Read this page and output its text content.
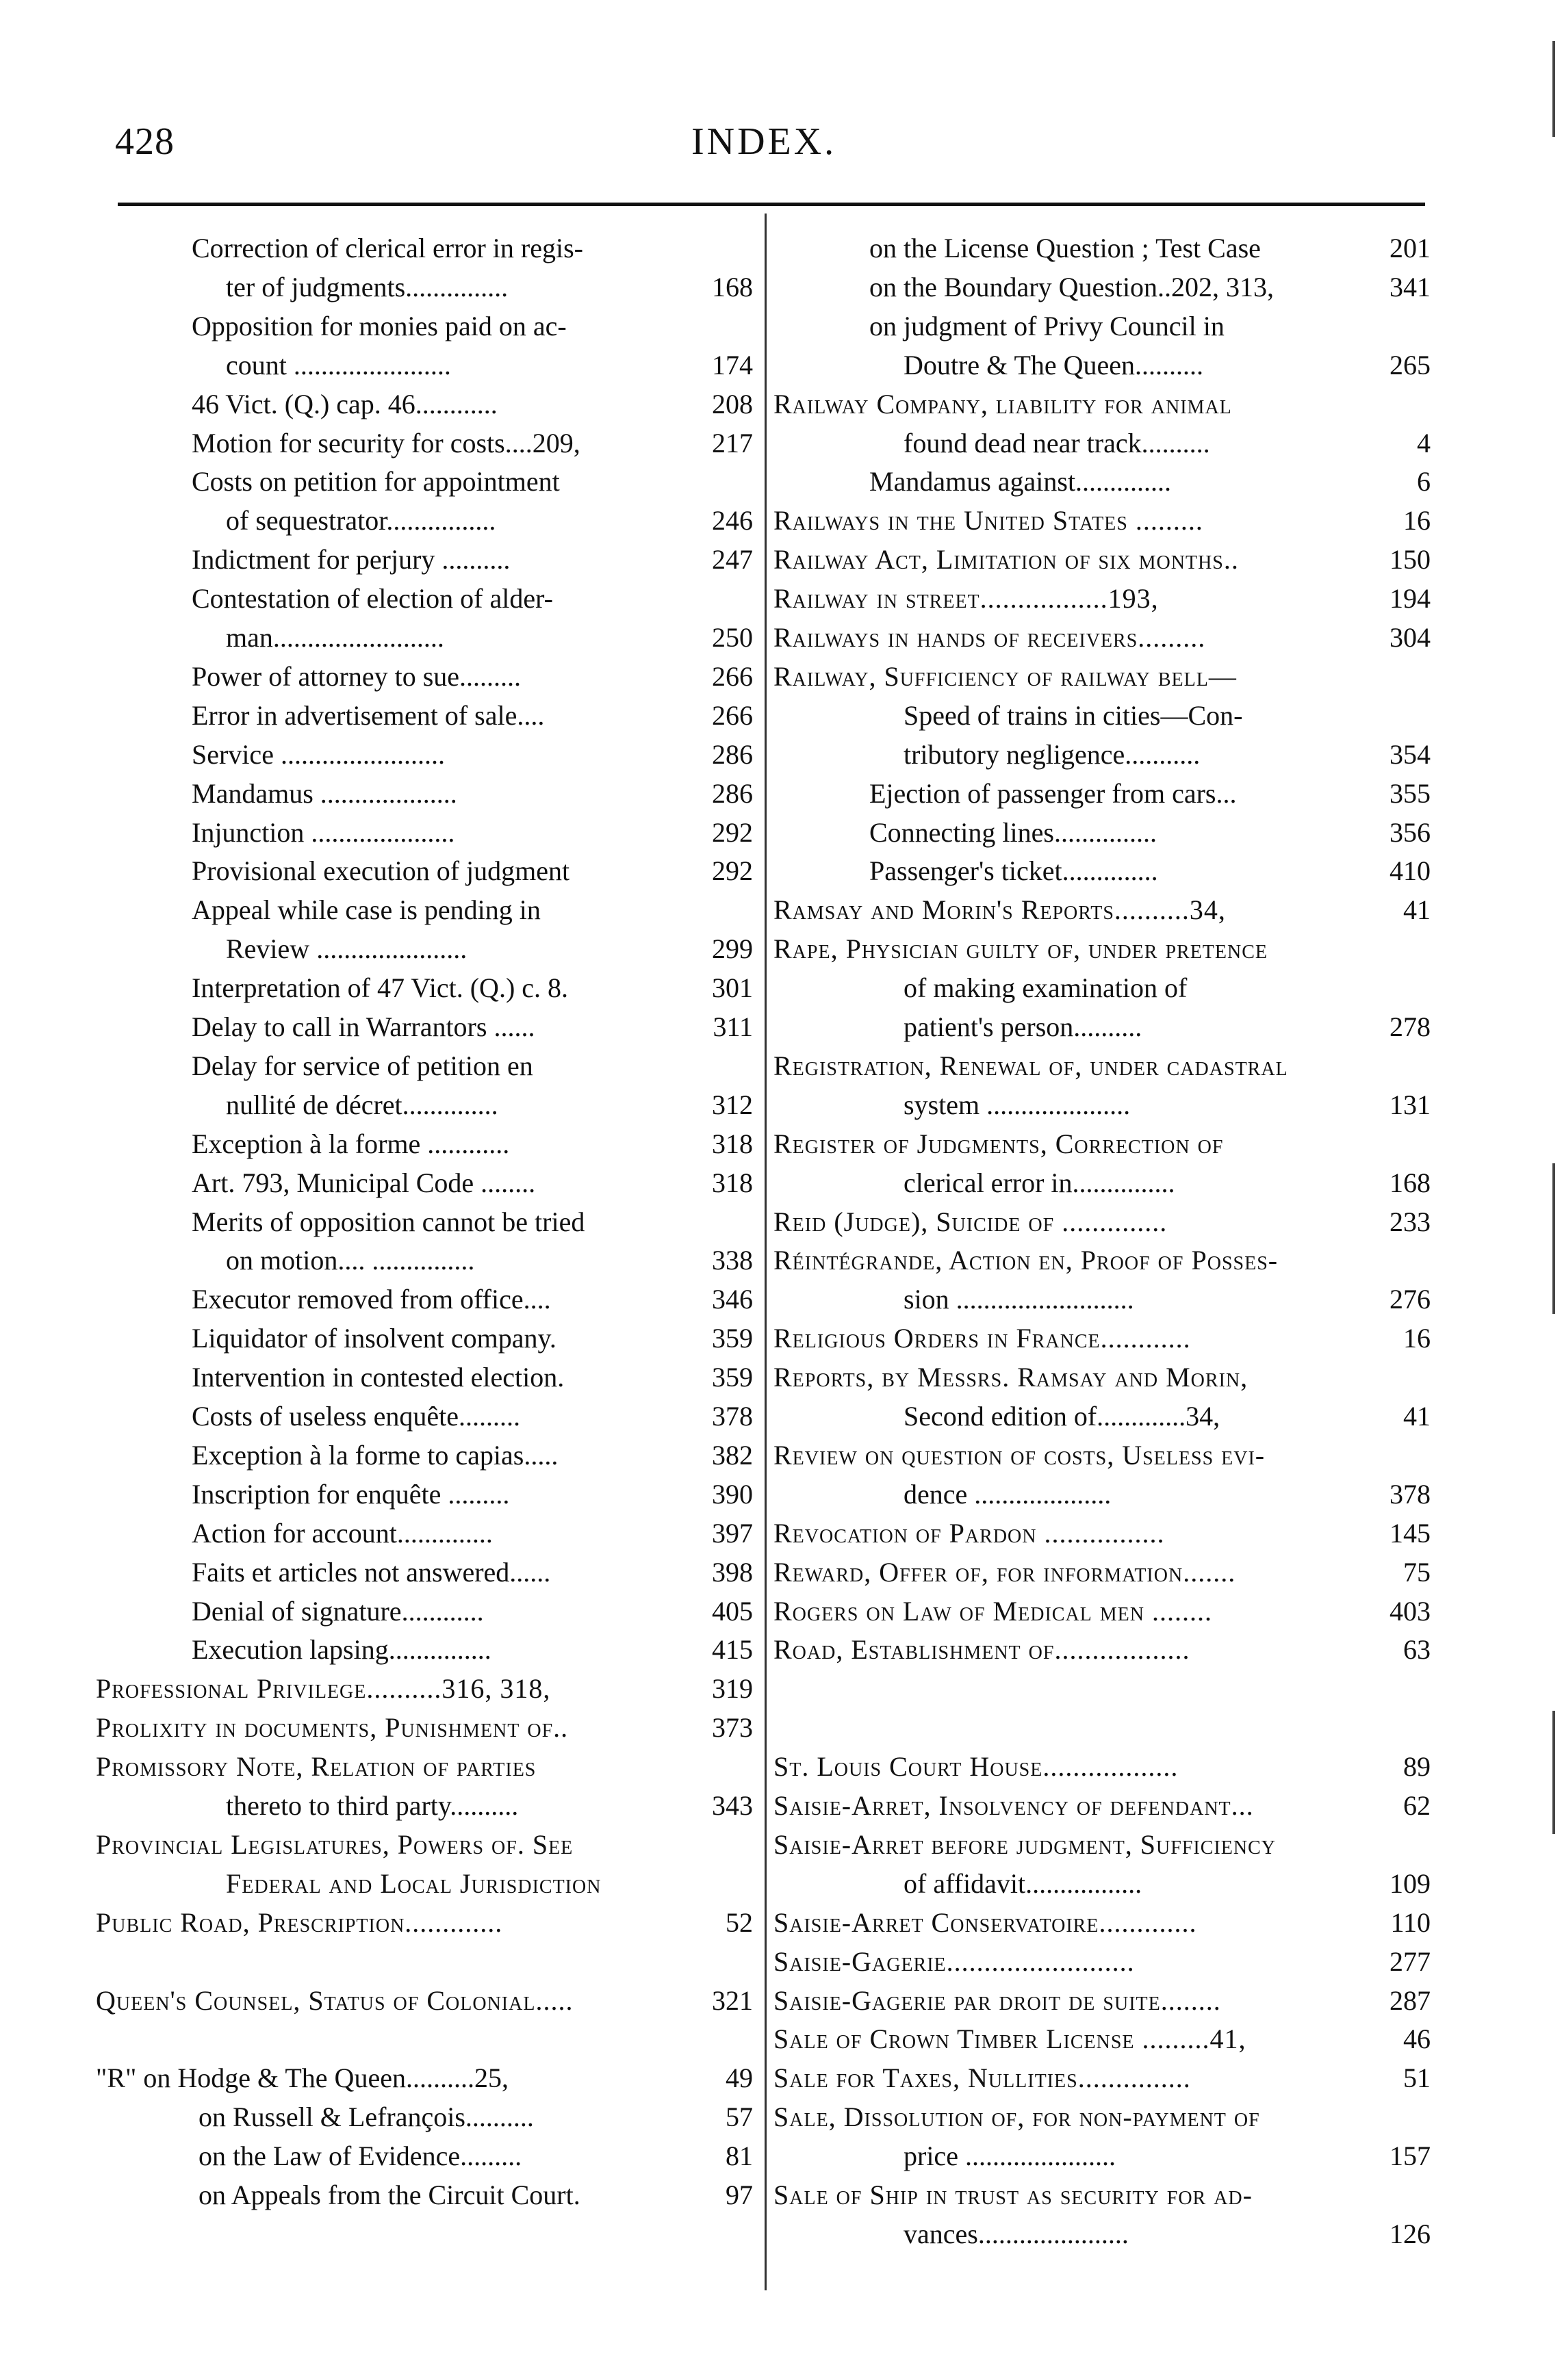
428	INDEX.
Correction of clerical error in regis-
ter of judgments...............	168
Opposition for monies paid on ac-
count .......................	174
46 Vict. (Q.) cap. 46............	208
Motion for security for costs....209,	217
Costs on petition for appointment
of sequestrator................	246
Indictment for perjury ..........	247
Contestation of election of alder-
man.........................	250
Power of attorney to sue.........	266
Error in advertisement of sale....	266
Service ........................	286
Mandamus ....................	286
Injunction .....................	292
Provisional execution of judgment	292
Appeal while case is pending in
Review ......................	299
Interpretation of 47 Vict. (Q.) c. 8.	301
Delay to call in Warrantors ......	311
Delay for service of petition en
nullité de décret..............	312
Exception à la forme ............	318
Art. 793, Municipal Code ........	318
Merits of opposition cannot be tried
on motion.... ...............	338
Executor removed from office....	346
Liquidator of insolvent company.	359
Intervention in contested election.	359
Costs of useless enquête.........	378
Exception à la forme to capias.....	382
Inscription for enquête .........	390
Action for account..............	397
Faits et articles not answered......	398
Denial of signature............	405
Execution lapsing...............	415
Professional Privilege..........316, 318,	319
Prolixity in documents, Punishment of..	373
Promissory Note, Relation of parties
thereto to third party..........	343
Provincial Legislatures, Powers of. See
Federal and Local Jurisdiction
Public Road, Prescription.............	52
Queen's Counsel, Status of Colonial.....	321
"R" on Hodge & The Queen..........25,	49
on Russell & Lefrançois..........	57
on the Law of Evidence.........	81
on Appeals from the Circuit Court.	97
on the License Question ; Test Case	201
on the Boundary Question..202, 313,	341
on judgment of Privy Council in
Doutre & The Queen..........	265
Railway Company, liability for animal
found dead near track..........	4
Mandamus against..............	6
Railways in the United States .........	16
Railway Act, Limitation of six months..	150
Railway in street.................193,	194
Railways in hands of receivers.........	304
Railway, Sufficiency of railway bell—
Speed of trains in cities—Con-
tributory negligence...........	354
Ejection of passenger from cars...	355
Connecting lines...............	356
Passenger's ticket..............	410
Ramsay and Morin's Reports..........34,	41
Rape, Physician guilty of, under pretence
of making examination of
patient's person..........	278
Registration, Renewal of, under cadastral
system .....................	131
Register of Judgments, Correction of
clerical error in...............	168
Reid (Judge), Suicide of ..............	233
Réintégrande, Action en, Proof of Posses-
sion ..........................	276
Religious Orders in France............	16
Reports, by Messrs. Ramsay and Morin,
Second edition of.............34,	41
Review on question of costs, Useless evi-
dence ....................	378
Revocation of Pardon ................	145
Reward, Offer of, for information.......	75
Rogers on Law of Medical men ........	403
Road, Establishment of..................	63
St. Louis Court House..................	89
Saisie-Arret, Insolvency of defendant...	62
Saisie-Arret before judgment, Sufficiency
of affidavit.................	109
Saisie-Arret Conservatoire.............	110
Saisie-Gagerie.........................	277
Saisie-Gagerie par droit de suite........	287
Sale of Crown Timber License .........41,	46
Sale for Taxes, Nullities...............	51
Sale, Dissolution of, for non-payment of
price ......................	157
Sale of Ship in trust as security for ad-
vances......................	126
